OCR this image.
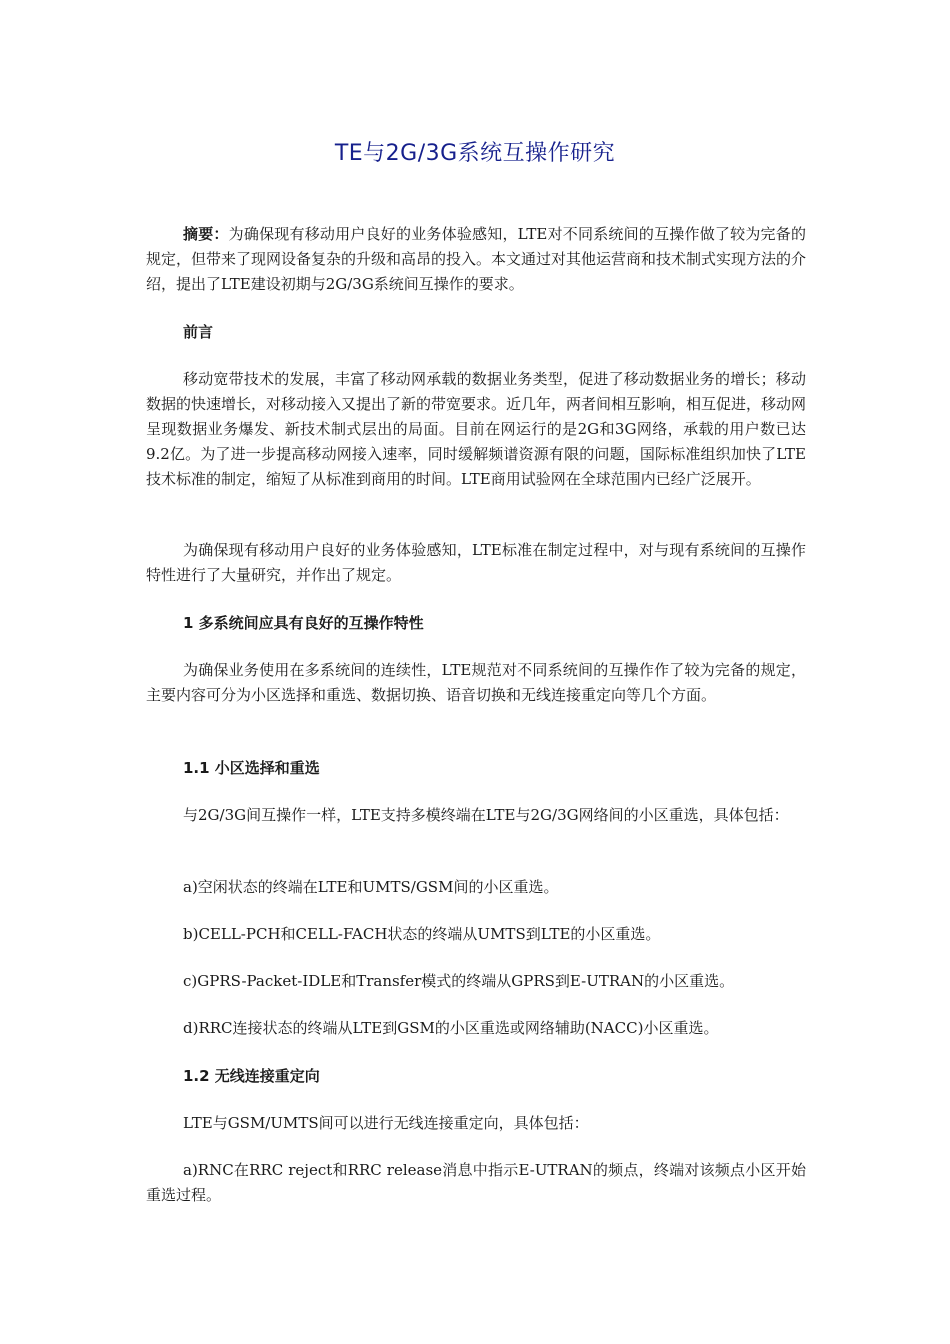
TE与2G/3G系统互操作研究
摘要：为确保现有移动用户良好的业务体验感知，LTE对不同系统间的互操作做了较为完备的规定，但带来了现网设备复杂的升级和高昂的投入。本文通过对其他运营商和技术制式实现方法的介绍，提出了LTE建设初期与2G/3G系统间互操作的要求。
前言
移动宽带技术的发展，丰富了移动网承载的数据业务类型，促进了移动数据业务的增长；移动数据的快速增长，对移动接入又提出了新的带宽要求。近几年，两者间相互影响，相互促进，移动网呈现数据业务爆发、新技术制式层出的局面。目前在网运行的是2G和3G网络，承载的用户数已达9.2亿。为了进一步提高移动网接入速率，同时缓解频谱资源有限的问题，国际标准组织加快了LTE技术标准的制定，缩短了从标准到商用的时间。LTE商用试验网在全球范围内已经广泛展开。
为确保现有移动用户良好的业务体验感知，LTE标准在制定过程中，对与现有系统间的互操作特性进行了大量研究，并作出了规定。
1 多系统间应具有良好的互操作特性
为确保业务使用在多系统间的连续性，LTE规范对不同系统间的互操作作了较为完备的规定，主要内容可分为小区选择和重选、数据切换、语音切换和无线连接重定向等几个方面。
1.1 小区选择和重选
与2G/3G间互操作一样，LTE支持多模终端在LTE与2G/3G网络间的小区重选，具体包括：
a)空闲状态的终端在LTE和UMTS/GSM间的小区重选。
b)CELL-PCH和CELL-FACH状态的终端从UMTS到LTE的小区重选。
c)GPRS-Packet-IDLE和Transfer模式的终端从GPRS到E-UTRAN的小区重选。
d)RRC连接状态的终端从LTE到GSM的小区重选或网络辅助(NACC)小区重选。
1.2 无线连接重定向
LTE与GSM/UMTS间可以进行无线连接重定向，具体包括：
a)RNC在RRC reject和RRC release消息中指示E-UTRAN的频点，终端对该频点小区开始重选过程。
